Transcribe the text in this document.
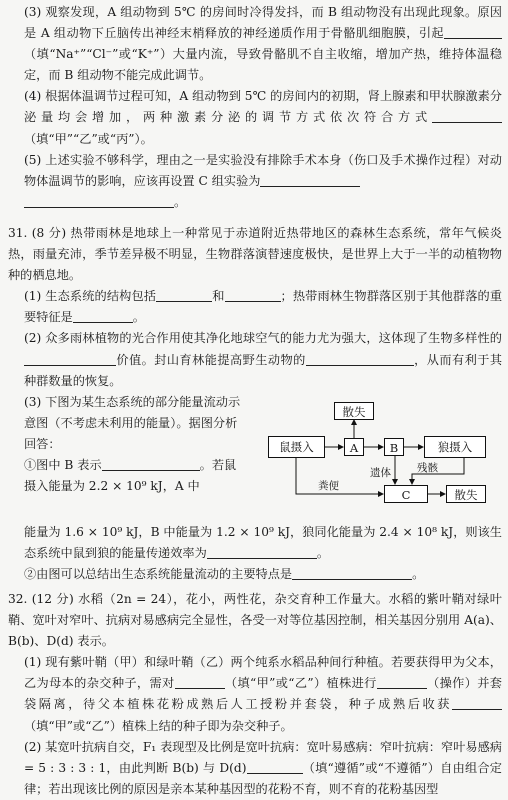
(3) 观察发现，A 组动物到 5℃ 的房间时冷得发抖，而 B 组动物没有出现此现象。原因是 A 组动物下丘脑传出神经末梢释放的神经递质作用于骨骼肌细胞膜，引起（填“Na⁺”“Cl⁻”或“K⁺”）大量内流，导致骨骼肌不自主收缩，增加产热，维持体温稳定，而 B 组动物不能完成此调节。

(4) 根据体温调节过程可知，A 组动物到 5℃ 的房间内的初期，肾上腺素和甲状腺激素分泌量均会增加，两种激素分泌的调节方式依次符合方式（填“甲”“乙”或“丙”）。

(5) 上述实验不够科学，理由之一是实验没有排除手术本身（伤口及手术操作过程）对动物体温调节的影响，应该再设置 C 组实验为
。

31. (8 分) 热带雨林是地球上一种常见于赤道附近热带地区的森林生态系统，常年气候炎热，雨量充沛，季节差异极不明显，生物群落演替速度极快，是世界上大于一半的动植物物种的栖息地。

(1) 生态系统的结构包括	和	；热带雨林生物群落区别于其他群落的重要特征是	。

(2) 众多雨林植物的光合作用使其净化地球空气的能力尤为强大，这体现了生物多样性的价值。封山育林能提高野生动物的	，从而有利于其种群数量的恢复。

(3) 下图为某生态系统的部分能量流动示意图（不考虑未利用的能量）。据图分析回答：
①图中 B 表示	。若鼠摄入能量为 2.2 × 10⁹ kJ，A 中

散失
鼠摄入	A	B	狼摄入
C	散失
遗体 残骸
粪便

能量为 1.6 × 10⁹ kJ，B 中能量为 1.2 × 10⁹ kJ，狼同化能量为 2.4 × 10⁸ kJ，则该生态系统中鼠到狼的能量传递效率为	。

②由图可以总结出生态系统能量流动的主要特点是	。

32. (12 分) 水稻（2n = 24），花小，两性花，杂交育种工作量大。水稻的紫叶鞘对绿叶鞘、宽叶对窄叶、抗病对易感病完全显性，各受一对等位基因控制，相关基因分别用 A(a)、B(b)、D(d) 表示。

(1) 现有紫叶鞘（甲）和绿叶鞘（乙）两个纯系水稻品种间行种植。若要获得甲为父本，乙为母本的杂交种子，需对	（填“甲”或“乙”）植株进行	（操作）并套袋隔离，待父本植株花粉成熟后人工授粉并套袋，种子成熟后收获（填“甲”或“乙”）植株上结的种子即为杂交种子。

(2) 某宽叶抗病自交，F₁ 表现型及比例是宽叶抗病：宽叶易感病：窄叶抗病：窄叶易感病 = 5 : 3 : 3 : 1，由此判断 B(b) 与 D(d)	（填“遵循”或“不遵循”）自由组合定律；若出现该比例的原因是亲本某种基因型的花粉不育，则不育的花粉基因型
